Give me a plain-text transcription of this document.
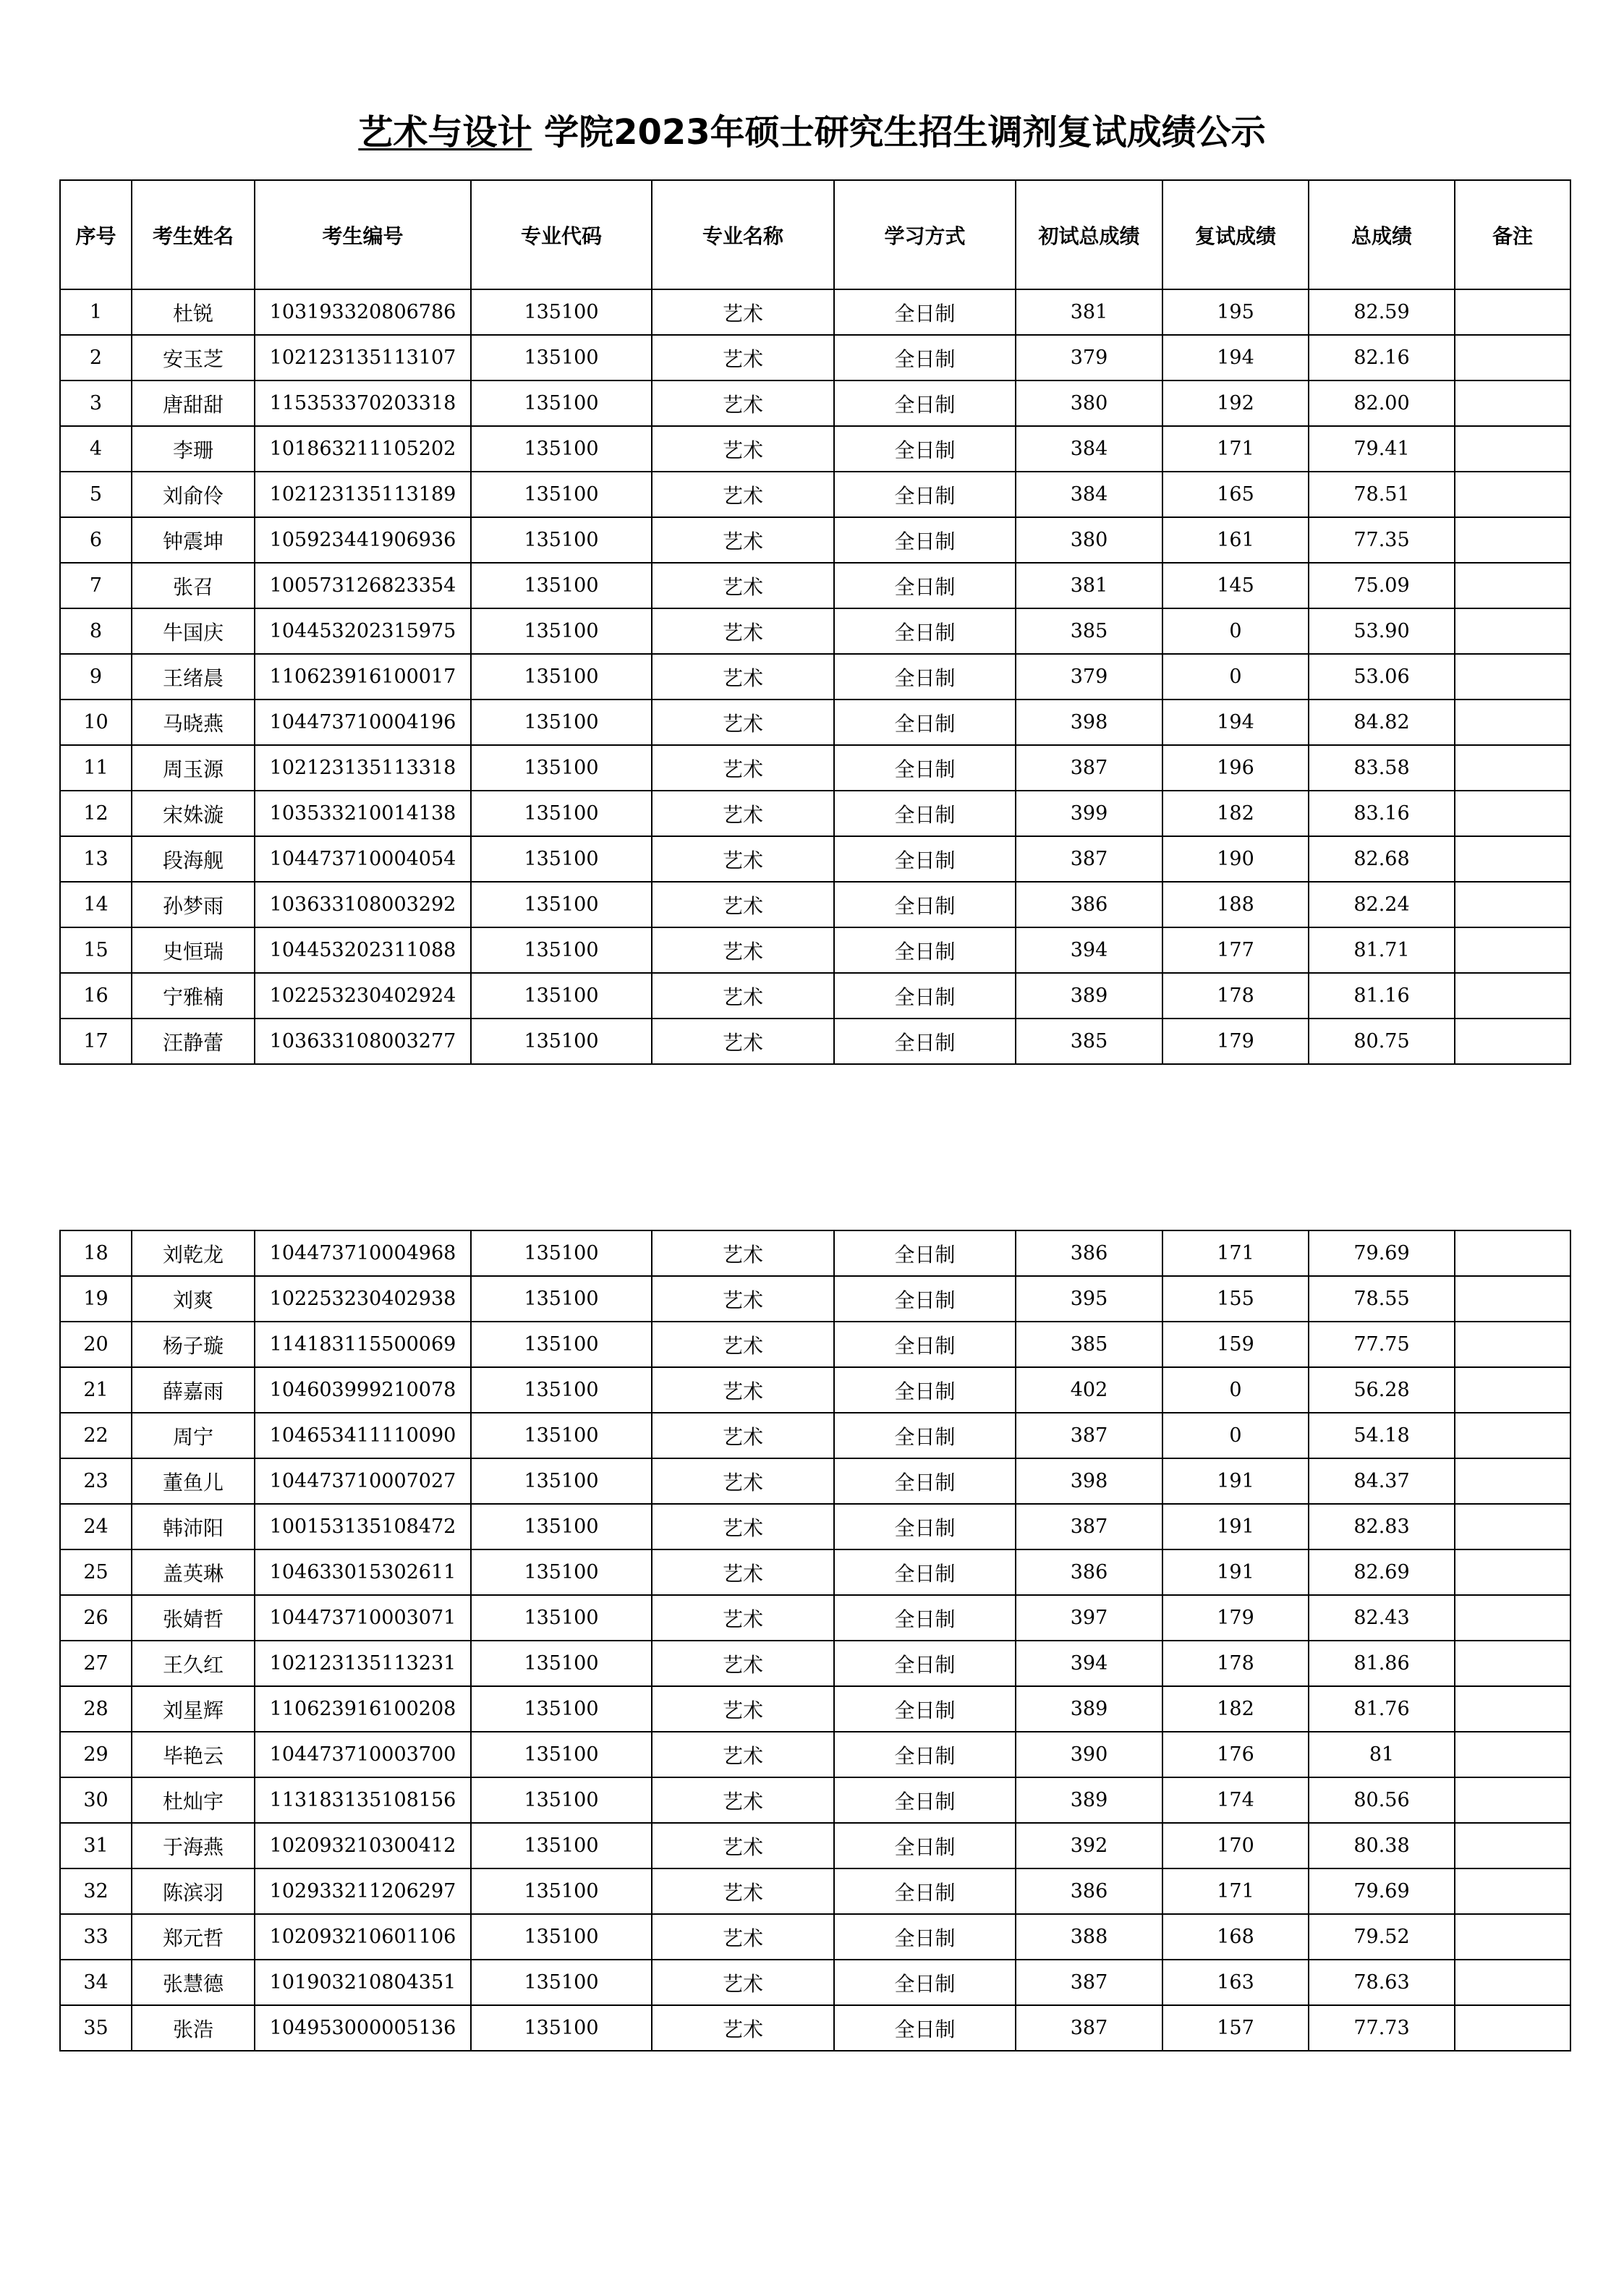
艺术与设计 学院2023年硕士研究生招生调剂复试成绩公示
序号	考生姓名	考生编号	专业代码	专业名称	学习方式	初试总成绩	复试成绩	总成绩	备注
1	杜锐	103193320806786	135100	艺术	全日制	381	195	82.59	
2	安玉芝	102123135113107	135100	艺术	全日制	379	194	82.16	
3	唐甜甜	115353370203318	135100	艺术	全日制	380	192	82.00	
4	李珊	101863211105202	135100	艺术	全日制	384	171	79.41	
5	刘俞伶	102123135113189	135100	艺术	全日制	384	165	78.51	
6	钟震坤	105923441906936	135100	艺术	全日制	380	161	77.35	
7	张召	100573126823354	135100	艺术	全日制	381	145	75.09	
8	牛国庆	104453202315975	135100	艺术	全日制	385	0	53.90	
9	王绪晨	110623916100017	135100	艺术	全日制	379	0	53.06	
10	马晓燕	104473710004196	135100	艺术	全日制	398	194	84.82	
11	周玉源	102123135113318	135100	艺术	全日制	387	196	83.58	
12	宋姝漩	103533210014138	135100	艺术	全日制	399	182	83.16	
13	段海舰	104473710004054	135100	艺术	全日制	387	190	82.68	
14	孙梦雨	103633108003292	135100	艺术	全日制	386	188	82.24	
15	史恒瑞	104453202311088	135100	艺术	全日制	394	177	81.71	
16	宁雅楠	102253230402924	135100	艺术	全日制	389	178	81.16	
17	汪静蕾	103633108003277	135100	艺术	全日制	385	179	80.75	
18	刘乾龙	104473710004968	135100	艺术	全日制	386	171	79.69	
19	刘爽	102253230402938	135100	艺术	全日制	395	155	78.55	
20	杨子璇	114183115500069	135100	艺术	全日制	385	159	77.75	
21	薛嘉雨	104603999210078	135100	艺术	全日制	402	0	56.28	
22	周宁	104653411110090	135100	艺术	全日制	387	0	54.18	
23	董鱼儿	104473710007027	135100	艺术	全日制	398	191	84.37	
24	韩沛阳	100153135108472	135100	艺术	全日制	387	191	82.83	
25	盖英琳	104633015302611	135100	艺术	全日制	386	191	82.69	
26	张婧哲	104473710003071	135100	艺术	全日制	397	179	82.43	
27	王久红	102123135113231	135100	艺术	全日制	394	178	81.86	
28	刘星辉	110623916100208	135100	艺术	全日制	389	182	81.76	
29	毕艳云	104473710003700	135100	艺术	全日制	390	176	81	
30	杜灿宇	113183135108156	135100	艺术	全日制	389	174	80.56	
31	于海燕	102093210300412	135100	艺术	全日制	392	170	80.38	
32	陈滨羽	102933211206297	135100	艺术	全日制	386	171	79.69	
33	郑元哲	102093210601106	135100	艺术	全日制	388	168	79.52	
34	张慧德	101903210804351	135100	艺术	全日制	387	163	78.63	
35	张浩	104953000005136	135100	艺术	全日制	387	157	77.73	
